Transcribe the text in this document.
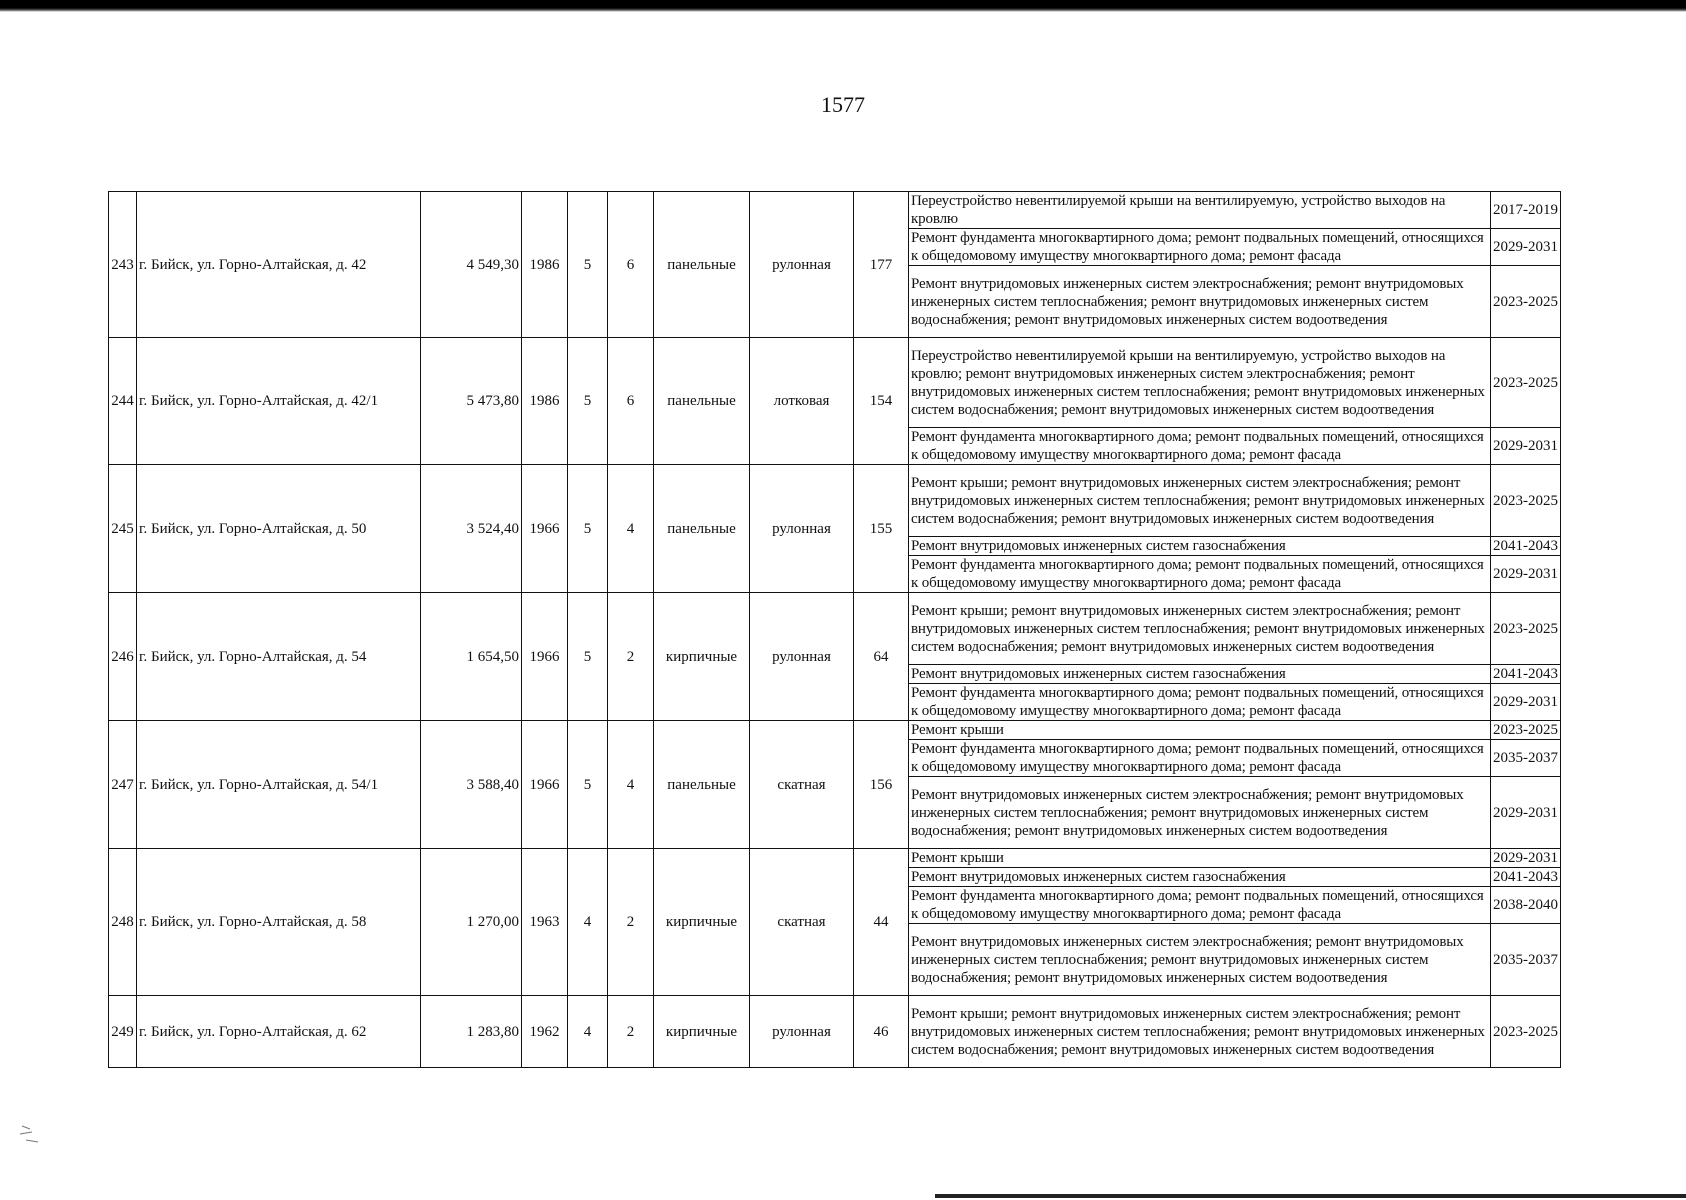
1577
243	г. Бийск, ул. Горно-Алтайская, д. 42	4 549,30	1986	5	6	панельные	рулонная	177	Переустройство невентилируемой крыши на вентилируемую, устройство выходов на кровлю	2017-2019
									Ремонт фундамента многоквартирного дома; ремонт подвальных помещений, относящихся к общедомовому имуществу многоквартирного дома; ремонт фасада	2029-2031
									Ремонт внутридомовых инженерных систем электроснабжения; ремонт внутридомовых инженерных систем теплоснабжения; ремонт внутридомовых инженерных систем водоснабжения; ремонт внутридомовых инженерных систем водоотведения	2023-2025
244	г. Бийск, ул. Горно-Алтайская, д. 42/1	5 473,80	1986	5	6	панельные	лотковая	154	Переустройство невентилируемой крыши на вентилируемую, устройство выходов на кровлю; ремонт внутридомовых инженерных систем электроснабжения; ремонт внутридомовых инженерных систем теплоснабжения; ремонт внутридомовых инженерных систем водоснабжения; ремонт внутридомовых инженерных систем водоотведения	2023-2025
									Ремонт фундамента многоквартирного дома; ремонт подвальных помещений, относящихся к общедомовому имуществу многоквартирного дома; ремонт фасада	2029-2031
245	г. Бийск, ул. Горно-Алтайская, д. 50	3 524,40	1966	5	4	панельные	рулонная	155	Ремонт крыши; ремонт внутридомовых инженерных систем электроснабжения; ремонт внутридомовых инженерных систем теплоснабжения; ремонт внутридомовых инженерных систем водоснабжения; ремонт внутридомовых инженерных систем водоотведения	2023-2025
									Ремонт внутридомовых инженерных систем газоснабжения	2041-2043
									Ремонт фундамента многоквартирного дома; ремонт подвальных помещений, относящихся к общедомовому имуществу многоквартирного дома; ремонт фасада	2029-2031
246	г. Бийск, ул. Горно-Алтайская, д. 54	1 654,50	1966	5	2	кирпичные	рулонная	64	Ремонт крыши; ремонт внутридомовых инженерных систем электроснабжения; ремонт внутридомовых инженерных систем теплоснабжения; ремонт внутридомовых инженерных систем водоснабжения; ремонт внутридомовых инженерных систем водоотведения	2023-2025
									Ремонт внутридомовых инженерных систем газоснабжения	2041-2043
									Ремонт фундамента многоквартирного дома; ремонт подвальных помещений, относящихся к общедомовому имуществу многоквартирного дома; ремонт фасада	2029-2031
247	г. Бийск, ул. Горно-Алтайская, д. 54/1	3 588,40	1966	5	4	панельные	скатная	156	Ремонт крыши	2023-2025
									Ремонт фундамента многоквартирного дома; ремонт подвальных помещений, относящихся к общедомовому имуществу многоквартирного дома; ремонт фасада	2035-2037
									Ремонт внутридомовых инженерных систем электроснабжения; ремонт внутридомовых инженерных систем теплоснабжения; ремонт внутридомовых инженерных систем водоснабжения; ремонт внутридомовых инженерных систем водоотведения	2029-2031
248	г. Бийск, ул. Горно-Алтайская, д. 58	1 270,00	1963	4	2	кирпичные	скатная	44	Ремонт крыши	2029-2031
									Ремонт внутридомовых инженерных систем газоснабжения	2041-2043
									Ремонт фундамента многоквартирного дома; ремонт подвальных помещений, относящихся к общедомовому имуществу многоквартирного дома; ремонт фасада	2038-2040
									Ремонт внутридомовых инженерных систем электроснабжения; ремонт внутридомовых инженерных систем теплоснабжения; ремонт внутридомовых инженерных систем водоснабжения; ремонт внутридомовых инженерных систем водоотведения	2035-2037
249	г. Бийск, ул. Горно-Алтайская, д. 62	1 283,80	1962	4	2	кирпичные	рулонная	46	Ремонт крыши; ремонт внутридомовых инженерных систем электроснабжения; ремонт внутридомовых инженерных систем теплоснабжения; ремонт внутридомовых инженерных систем водоснабжения; ремонт внутридомовых инженерных систем водоотведения	2023-2025
